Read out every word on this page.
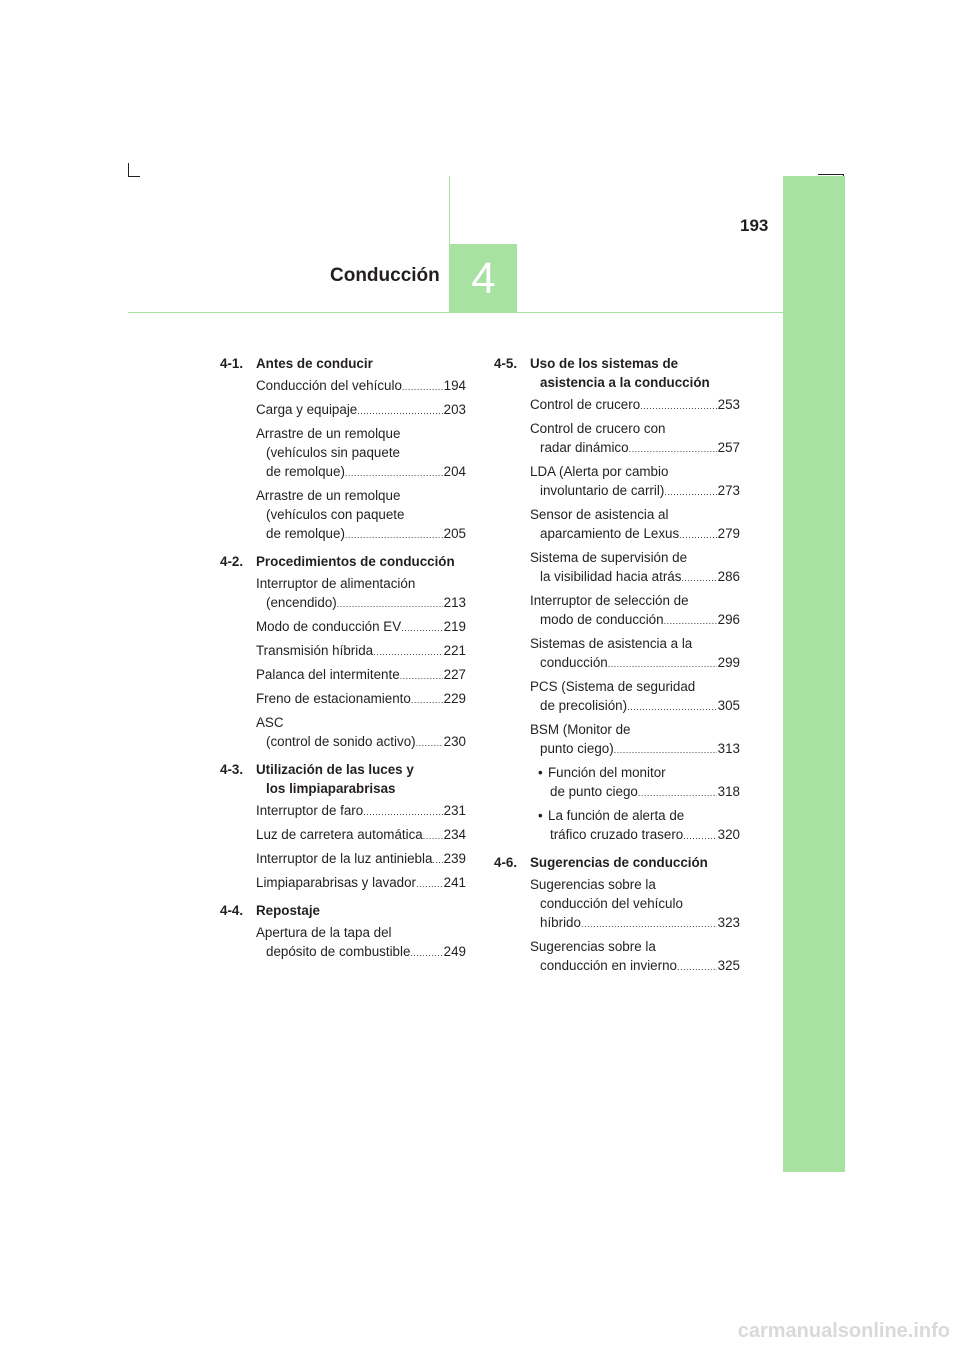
193
Conducción 4
4-1. Antes de conducir
Conducción del vehículo .....	194
Carga y equipaje .....	203
Arrastre de un remolque
(vehículos sin paquete
de remolque) .....	204
Arrastre de un remolque
(vehículos con paquete
de remolque) .....	205
4-2. Procedimientos de conducción
Interruptor de alimentación
(encendido) .....	213
Modo de conducción EV .....	219
Transmisión híbrida .....	221
Palanca del intermitente .....	227
Freno de estacionamiento ..... 229
ASC
(control de sonido activo) ..... 230
4-3. Utilización de las luces y
los limpiaparabrisas
Interruptor de faro .....	231
Luz de carretera automática ..... 234
Interruptor de la luz antiniebla ..... 239
Limpiaparabrisas y lavador ..... 241
4-4. Repostaje
Apertura de la tapa del
depósito de combustible ..... 249
4-5. Uso de los sistemas de
asistencia a la conducción
Control de crucero .....	253
Control de crucero con
radar dinámico .....	257
LDA (Alerta por cambio
involuntario de carril) .....	273
Sensor de asistencia al
aparcamiento de Lexus .....	279
Sistema de supervisión de
la visibilidad hacia atrás .....	286
Interruptor de selección de
modo de conducción .....	296
Sistemas de asistencia a la
conducción .....	299
PCS (Sistema de seguridad
de precolisión) .....	305
BSM (Monitor de
punto ciego) .....	313
• Función del monitor
de punto ciego .....	318
• La función de alerta de
tráfico cruzado trasero .....	320
4-6. Sugerencias de conducción
Sugerencias sobre la
conducción del vehículo
híbrido .....	323
Sugerencias sobre la
conducción en invierno .....	325
carmanualsonline.info
